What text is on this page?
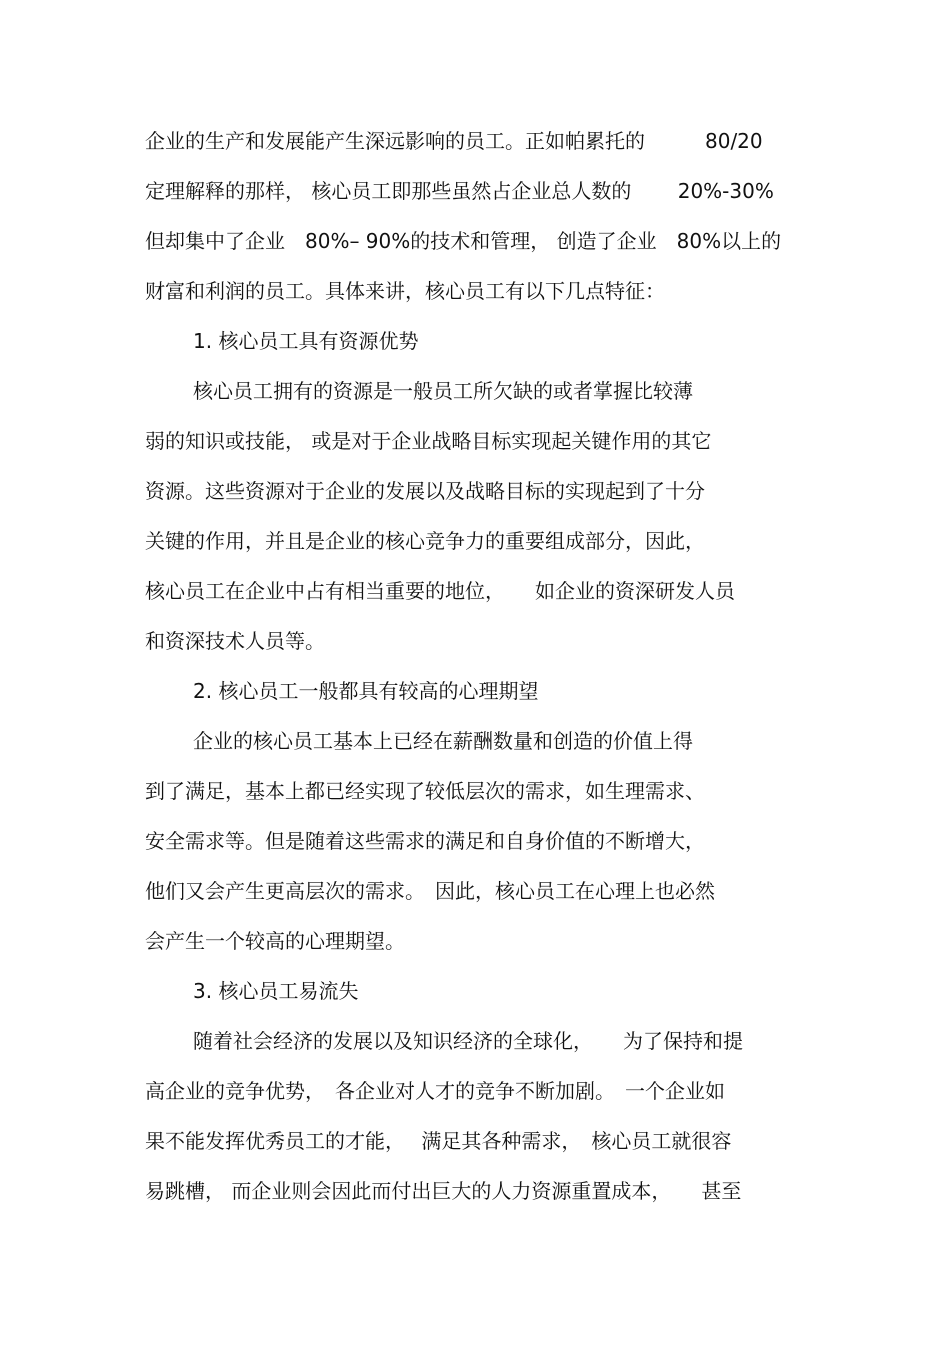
企业的生产和发展能产生深远影响的员工。正如帕累托的　　　80/20
定理解释的那样， 核心员工即那些虽然占企业总人数的　　 20%-30%
但却集中了企业　80%– 90%的技术和管理， 创造了企业　80%以上的
财富和利润的员工。具体来讲，核心员工有以下几点特征：
1. 核心员工具有资源优势
核心员工拥有的资源是一般员工所欠缺的或者掌握比较薄
弱的知识或技能， 或是对于企业战略目标实现起关键作用的其它
资源。这些资源对于企业的发展以及战略目标的实现起到了十分
关键的作用，并且是企业的核心竞争力的重要组成部分，因此，
核心员工在企业中占有相当重要的地位，　　如企业的资深研发人员
和资深技术人员等。
2. 核心员工一般都具有较高的心理期望
企业的核心员工基本上已经在薪酬数量和创造的价值上得
到了满足，基本上都已经实现了较低层次的需求，如生理需求、
安全需求等。但是随着这些需求的满足和自身价值的不断增大，
他们又会产生更高层次的需求。　因此，核心员工在心理上也必然
会产生一个较高的心理期望。
3. 核心员工易流失
随着社会经济的发展以及知识经济的全球化，　　为了保持和提
高企业的竞争优势，　各企业对人才的竞争不断加剧。　一个企业如
果不能发挥优秀员工的才能，　 满足其各种需求，　核心员工就很容
易跳槽， 而企业则会因此而付出巨大的人力资源重置成本，　　甚至
